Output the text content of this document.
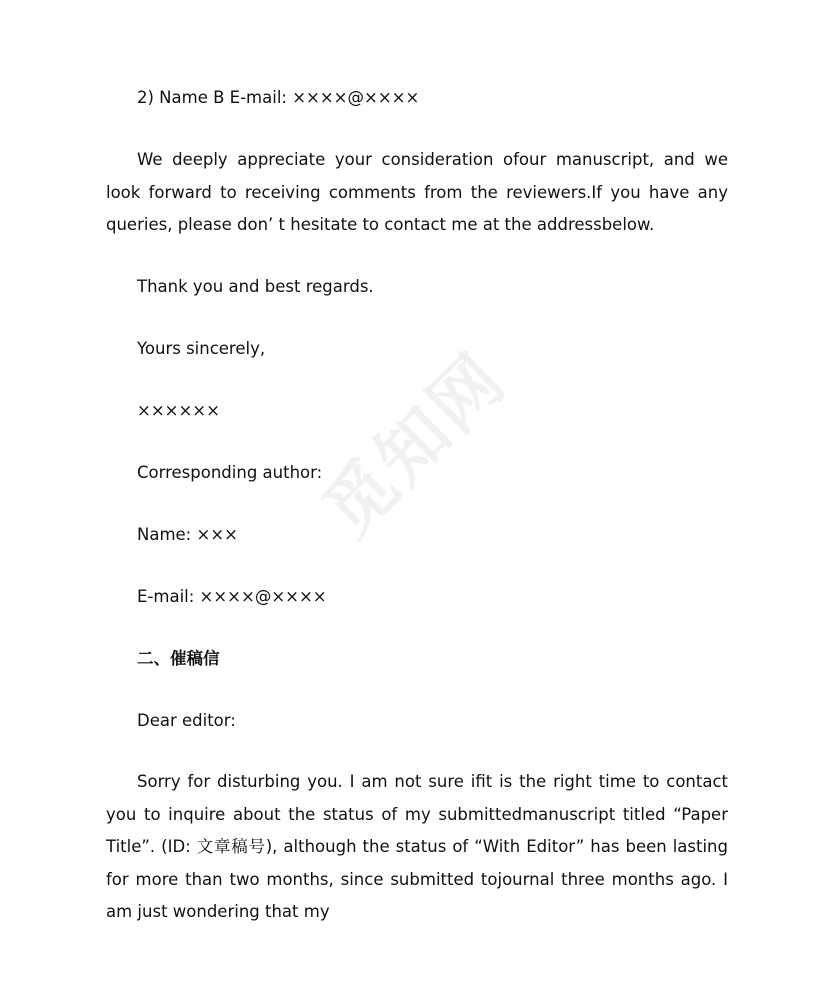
觅知网

2) Name B E-mail: ××××@××××

We deeply appreciate your consideration ofour manuscript, and we look forward to receiving comments from the reviewers.If you have any queries, please don’ t hesitate to contact me at the addressbelow.

Thank you and best regards.

Yours sincerely,

××××××

Corresponding author:

Name: ×××

E-mail: ××××@××××

二、催稿信

Dear editor:

Sorry for disturbing you. I am not sure ifit is the right time to contact you to inquire about the status of my submittedmanuscript titled “Paper Title”. (ID: 文章稿号), although the status of “With Editor” has been lasting for more than two months, since submitted tojournal three months ago. I am just wondering that my
